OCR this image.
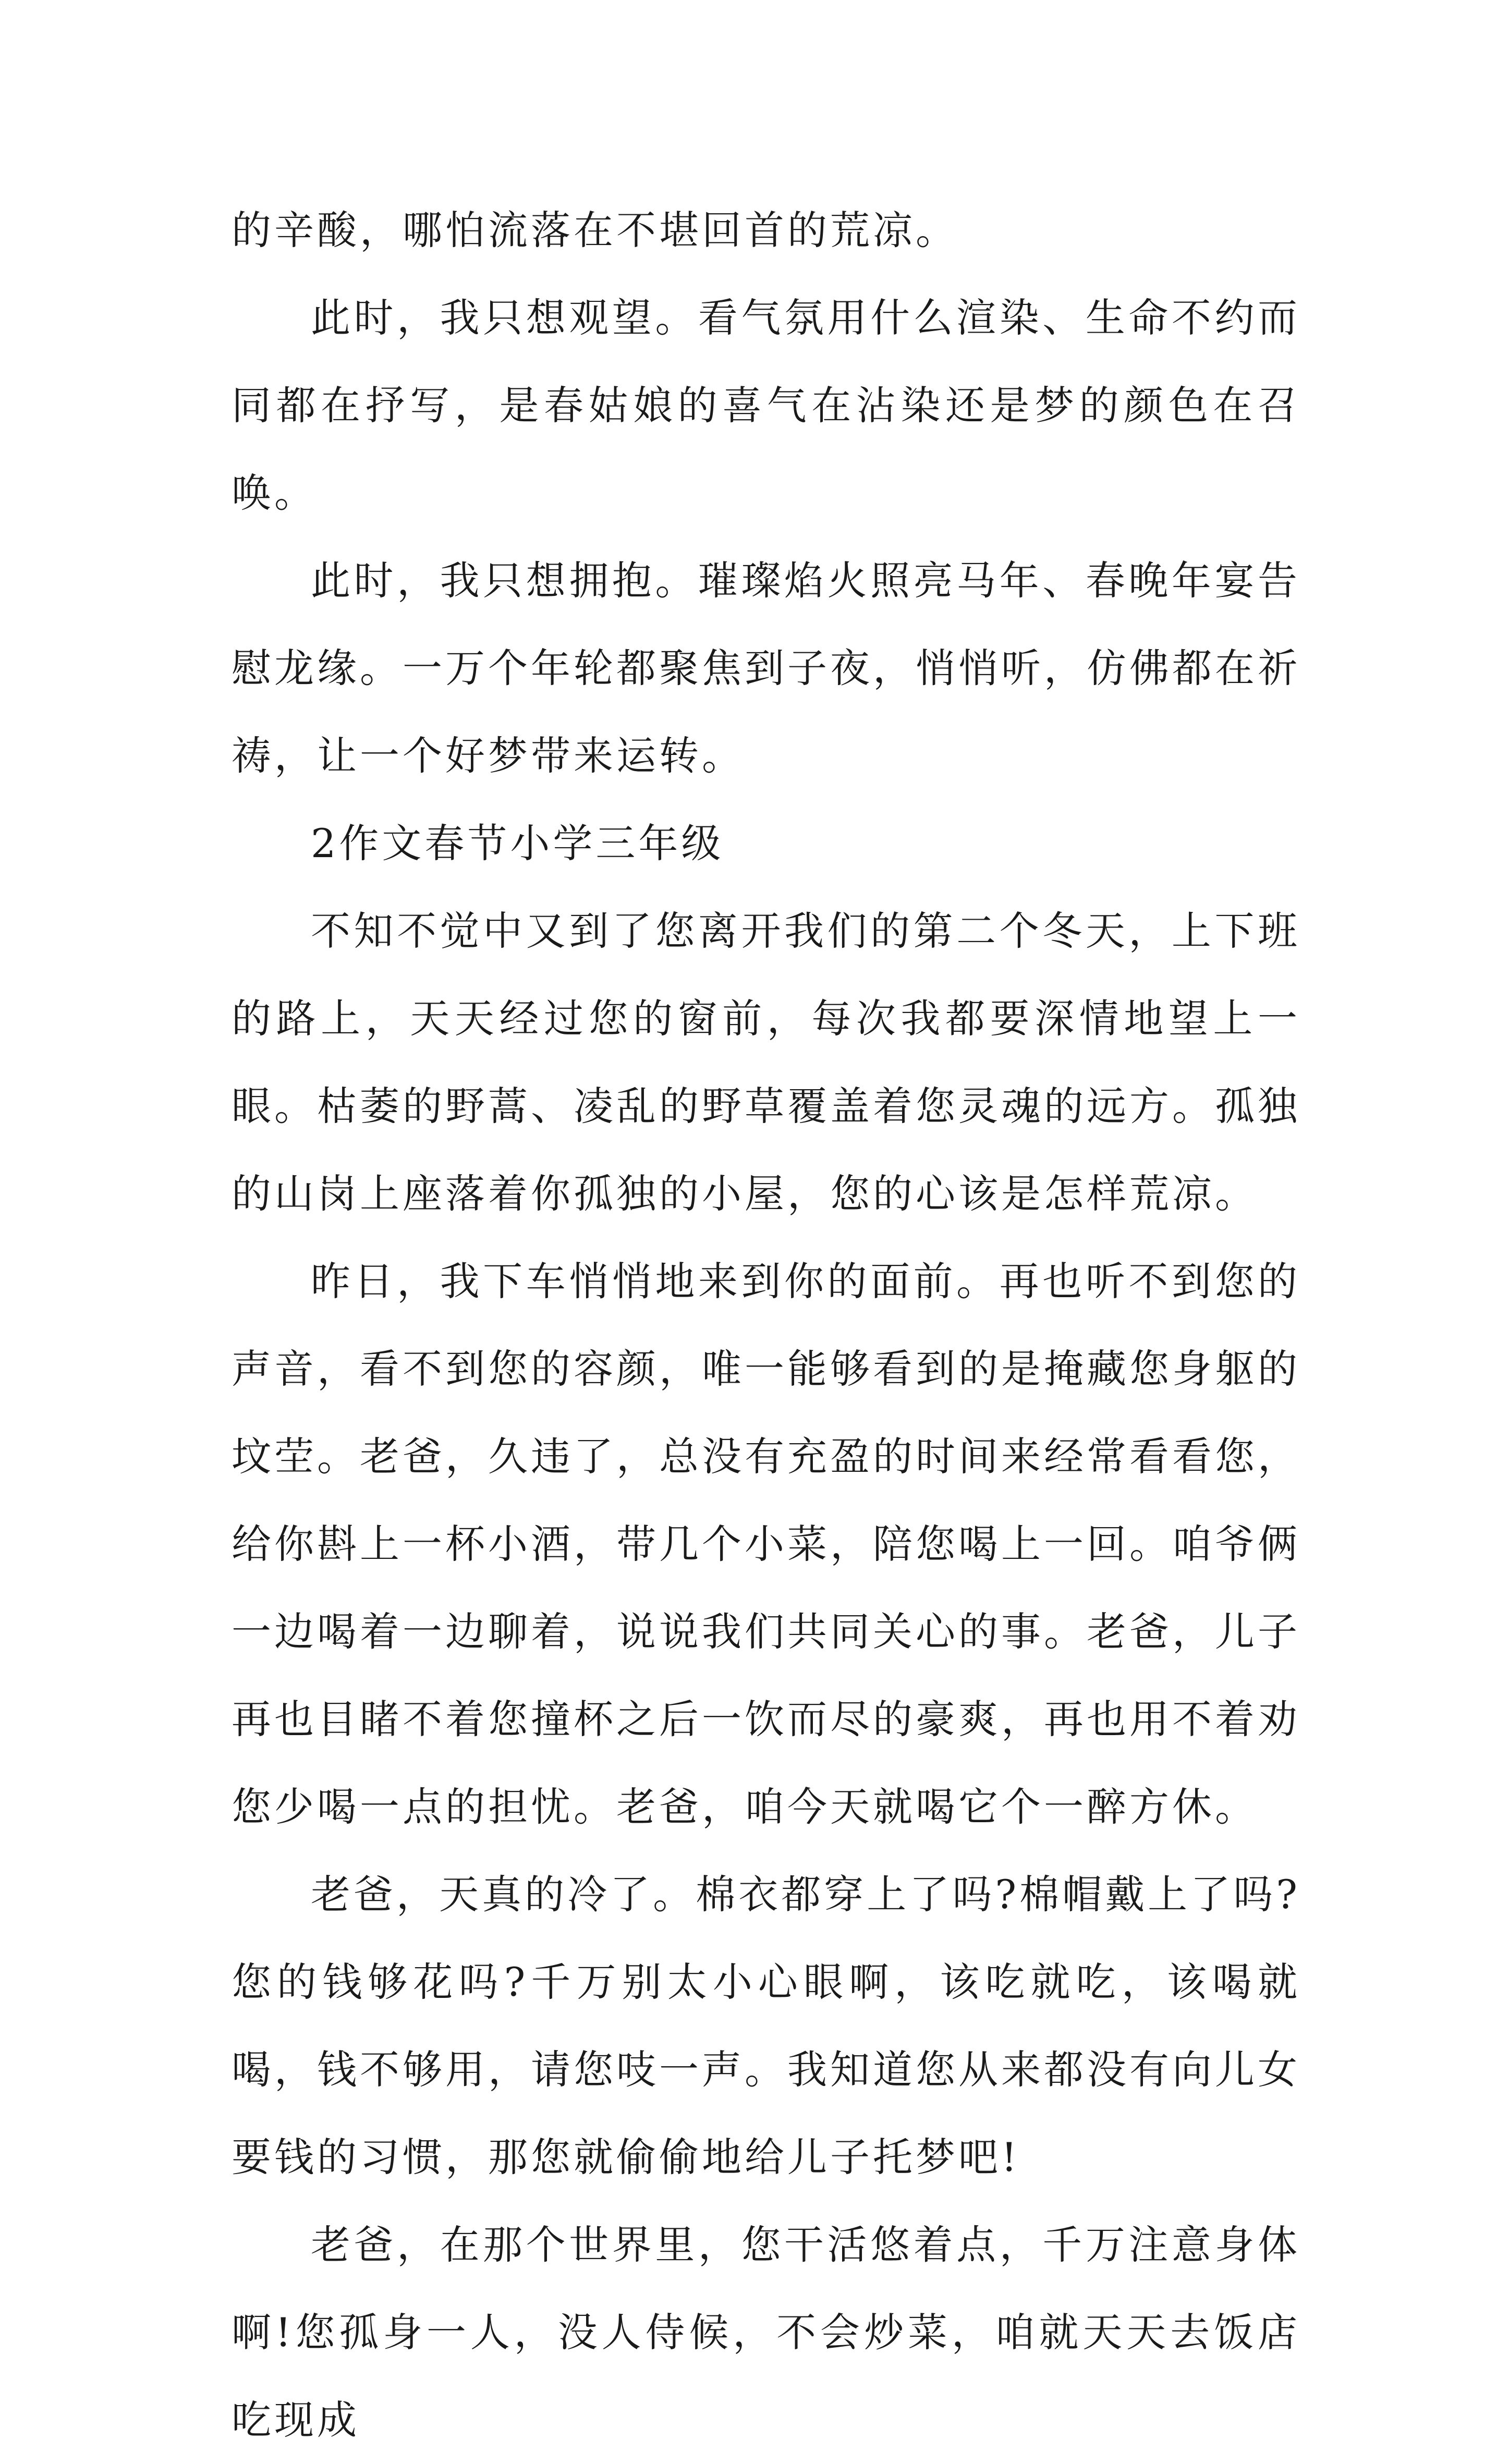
的辛酸，哪怕流落在不堪回首的荒凉。

此时，我只想观望。看气氛用什么渲染、生命不约而同都在抒写，是春姑娘的喜气在沾染还是梦的颜色在召唤。

此时，我只想拥抱。璀璨焰火照亮马年、春晚年宴告慰龙缘。一万个年轮都聚焦到子夜，悄悄听，仿佛都在祈祷，让一个好梦带来运转。

2作文春节小学三年级

不知不觉中又到了您离开我们的第二个冬天，上下班的路上，天天经过您的窗前，每次我都要深情地望上一眼。枯萎的野蒿、凌乱的野草覆盖着您灵魂的远方。孤独的山岗上座落着你孤独的小屋，您的心该是怎样荒凉。

昨日，我下车悄悄地来到你的面前。再也听不到您的声音，看不到您的容颜，唯一能够看到的是掩藏您身躯的坟茔。老爸，久违了，总没有充盈的时间来经常看看您，给你斟上一杯小酒，带几个小菜，陪您喝上一回。咱爷俩一边喝着一边聊着，说说我们共同关心的事。老爸，儿子再也目睹不着您撞杯之后一饮而尽的豪爽，再也用不着劝您少喝一点的担忧。老爸，咱今天就喝它个一醉方休。

老爸，天真的冷了。棉衣都穿上了吗?棉帽戴上了吗?您的钱够花吗?千万别太小心眼啊，该吃就吃，该喝就喝，钱不够用，请您吱一声。我知道您从来都没有向儿女要钱的习惯，那您就偷偷地给儿子托梦吧!

老爸，在那个世界里，您干活悠着点，千万注意身体啊!您孤身一人，没人侍候，不会炒菜，咱就天天去饭店吃现成
